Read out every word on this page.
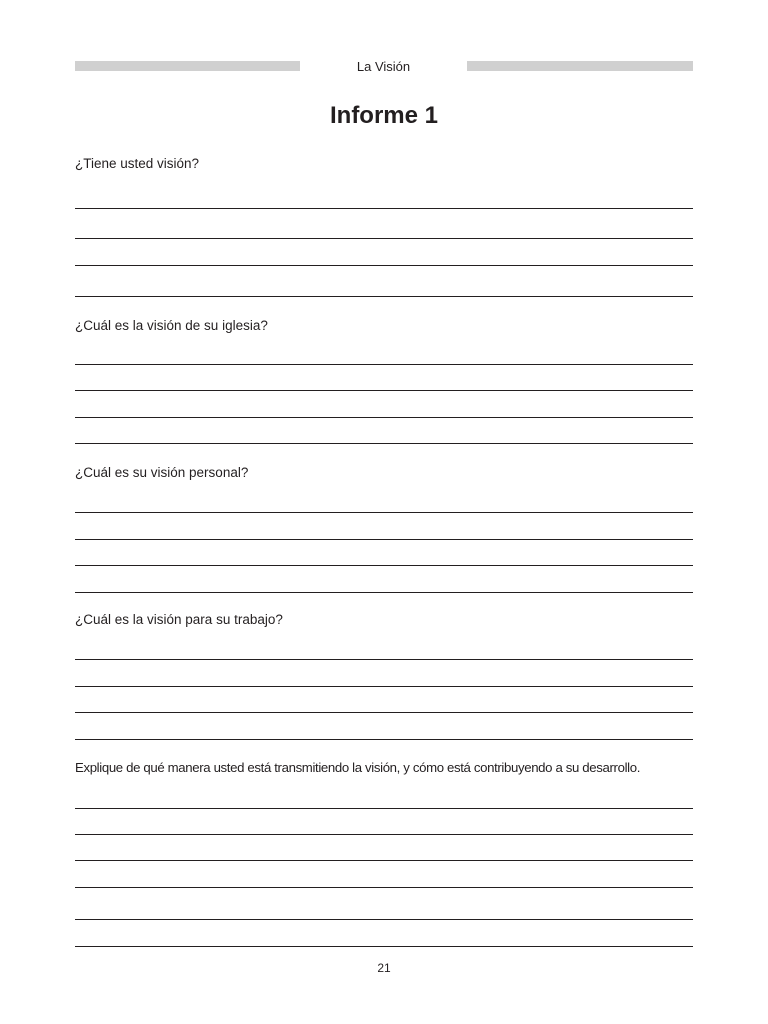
La Visión
Informe 1
¿Tiene usted visión?
¿Cuál es la visión de su iglesia?
¿Cuál es su visión personal?
¿Cuál es la visión para su trabajo?
Explique de qué manera usted está transmitiendo la visión, y cómo está contribuyendo a su desarrollo.
21
